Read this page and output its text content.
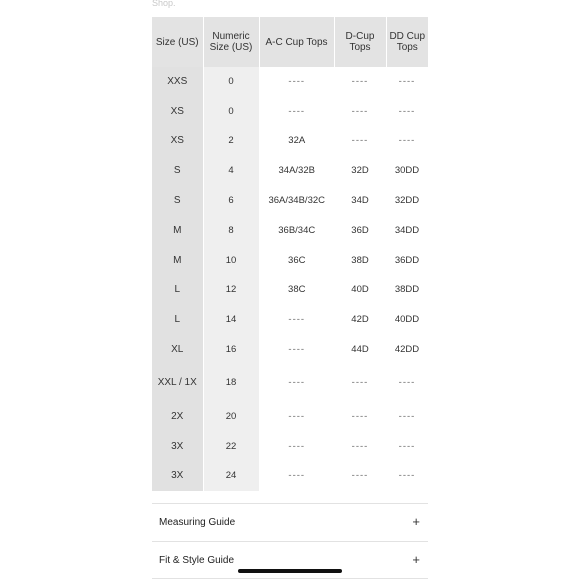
Shop.
Size (US)	Numeric Size (US)	A-C Cup Tops	D-Cup Tops	DD Cup Tops
XXS	0	----	----	----
XS	0	----	----	----
XS	2	32A	----	----
S	4	34A/32B	32D	30DD
S	6	36A/34B/32C	34D	32DD
M	8	36B/34C	36D	34DD
M	10	36C	38D	36DD
L	12	38C	40D	38DD
L	14	----	42D	40DD
XL	16	----	44D	42DD
XXL / 1X	18	----	----	----
2X	20	----	----	----
3X	22	----	----	----
3X	24	----	----	----
Measuring Guide	+
Fit & Style Guide	+
